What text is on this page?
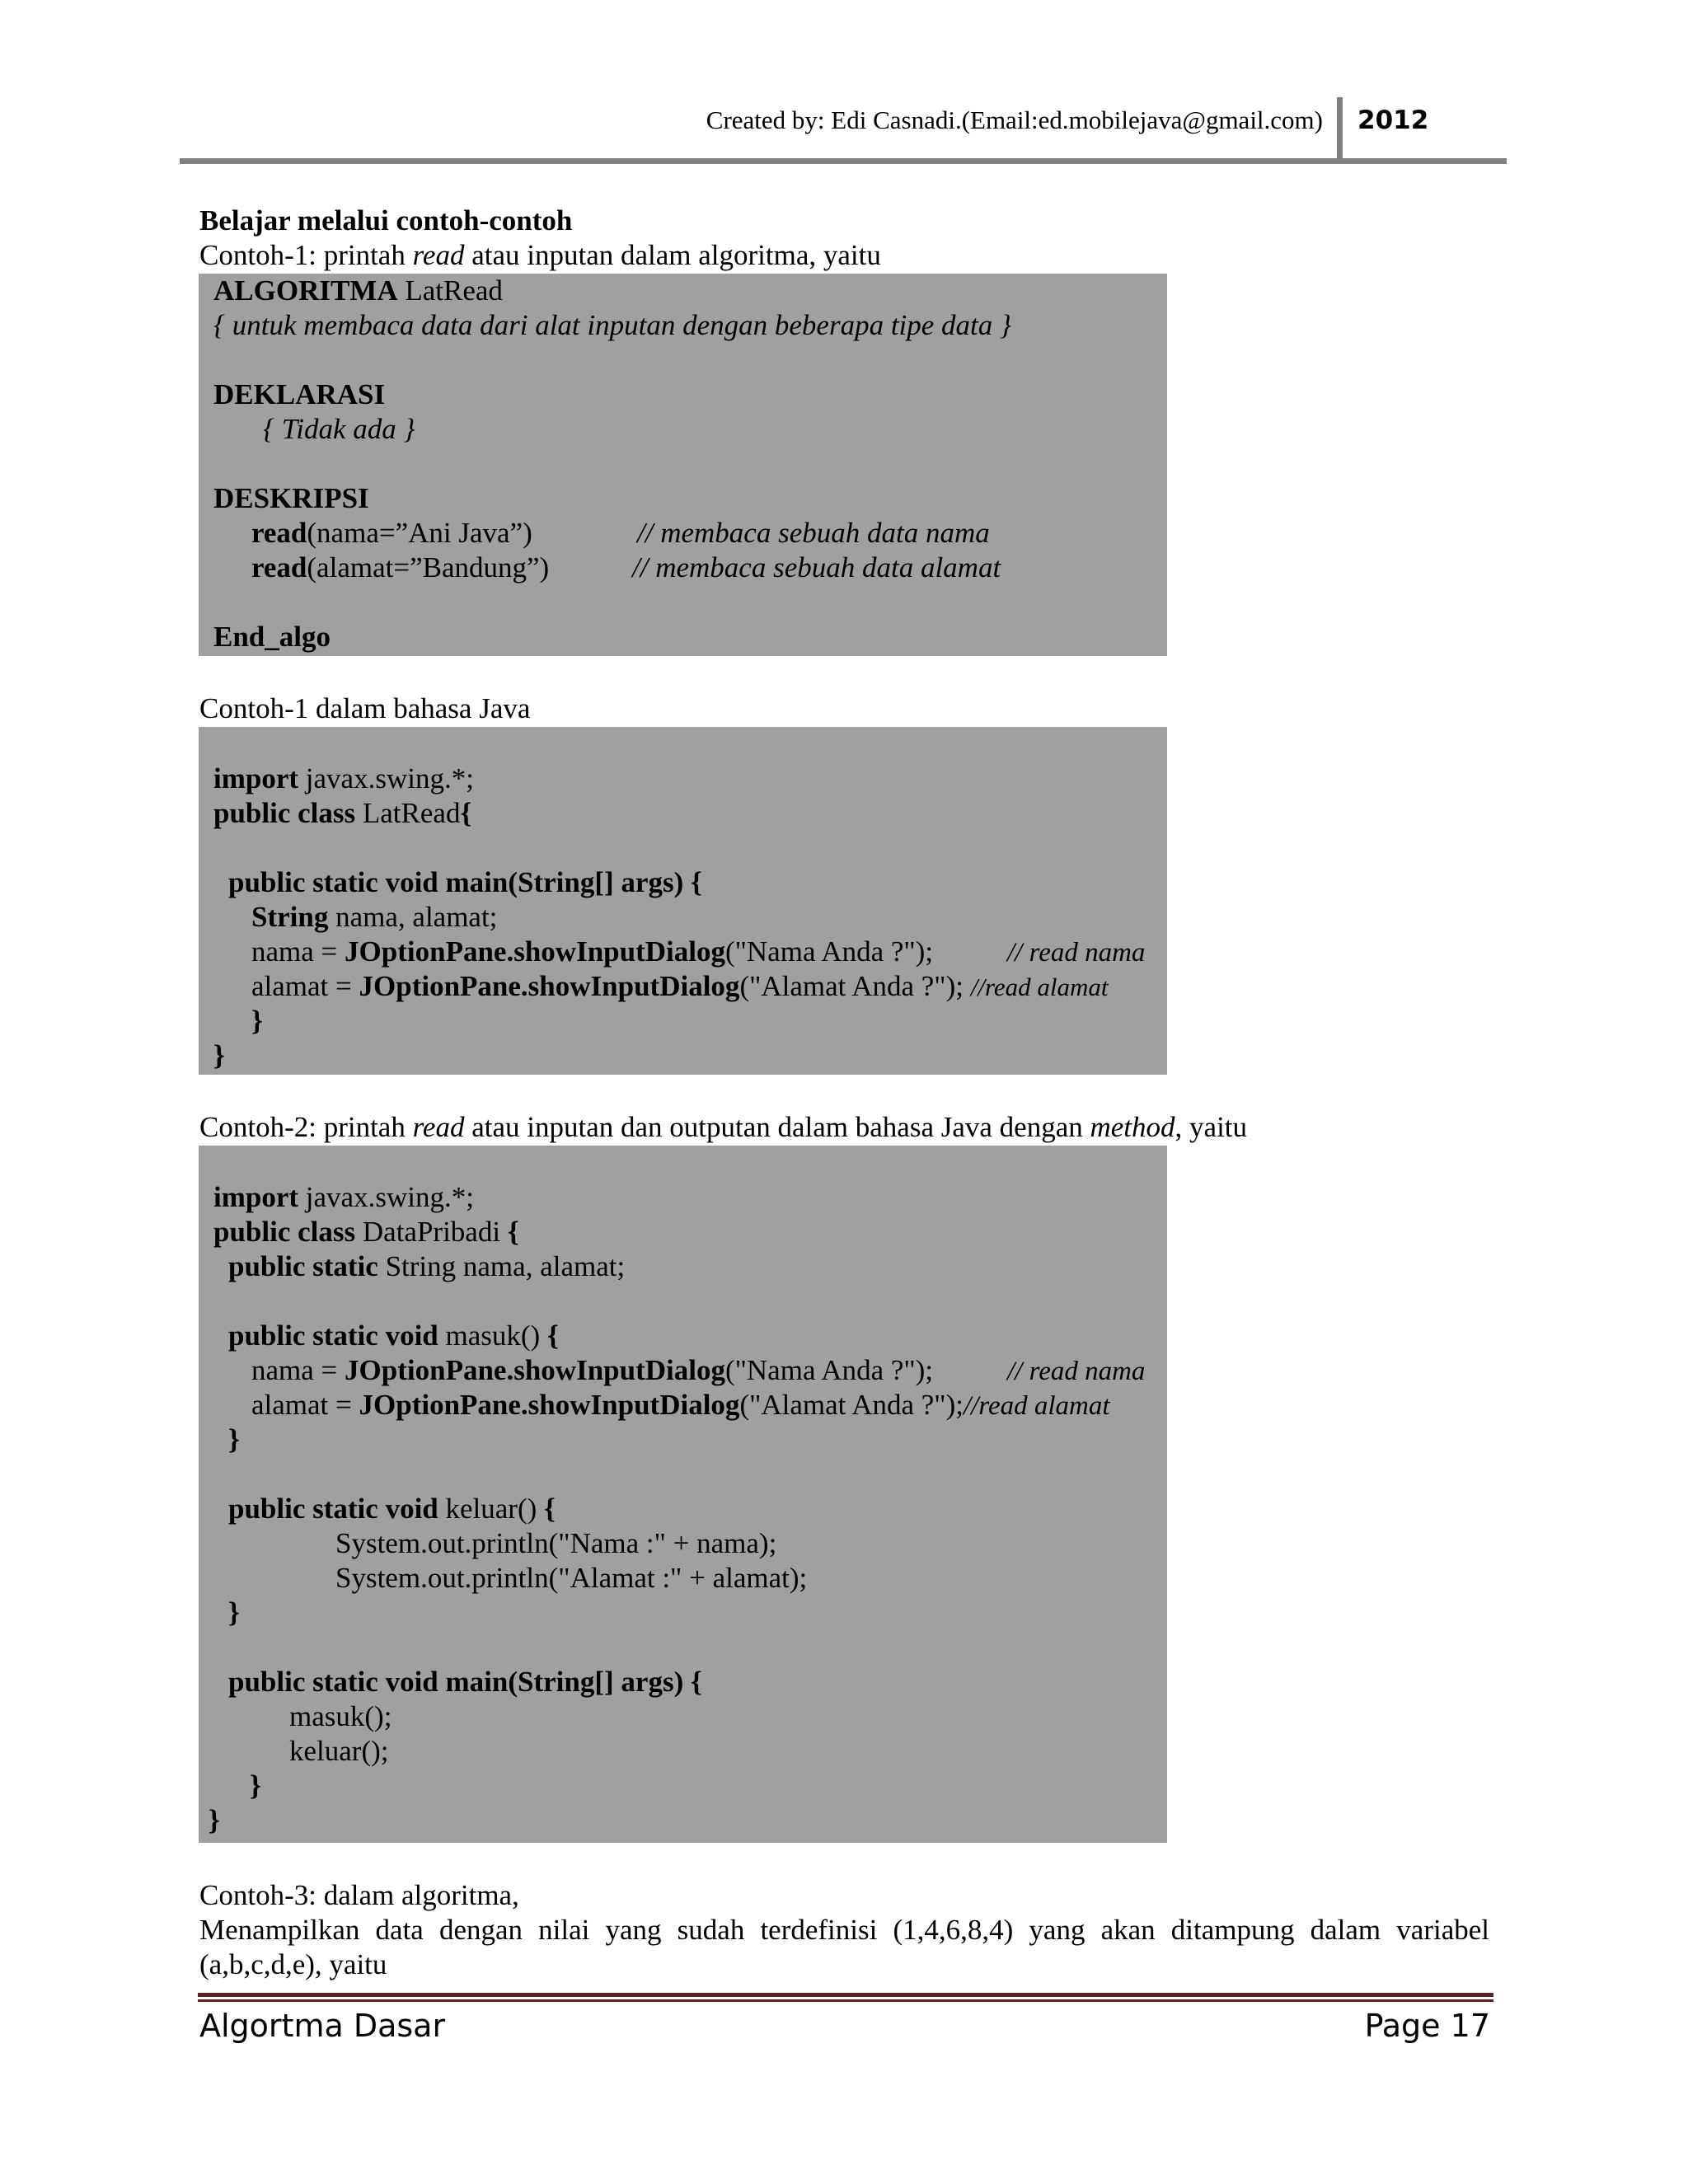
Created by: Edi Casnadi.(Email:ed.mobilejava@gmail.com) 2012
Belajar melalui contoh-contoh
Contoh-1: printah read atau inputan dalam algoritma, yaitu
ALGORITMA LatRead
{ untuk membaca data dari alat inputan dengan beberapa tipe data }
DEKLARASI
{ Tidak ada }
DESKRIPSI
read(nama=”Ani Java”)	// membaca sebuah data nama
read(alamat=”Bandung”)	// membaca sebuah data alamat
End_algo
Contoh-1 dalam bahasa Java
import javax.swing.*;
public class LatRead{
public static void main(String[] args) {
String nama, alamat;
nama = JOptionPane.showInputDialog("Nama Anda ?");	// read nama
alamat = JOptionPane.showInputDialog("Alamat Anda ?"); //read alamat
}
}
Contoh-2: printah read atau inputan dan outputan dalam bahasa Java dengan method, yaitu
import javax.swing.*;
public class DataPribadi {
public static String nama, alamat;
public static void masuk() {
nama = JOptionPane.showInputDialog("Nama Anda ?");	// read nama
alamat = JOptionPane.showInputDialog("Alamat Anda ?");//read alamat
}
public static void keluar() {
System.out.println("Nama :" + nama);
System.out.println("Alamat :" + alamat);
}
public static void main(String[] args) {
masuk();
keluar();
}
}
Contoh-3: dalam algoritma,
Menampilkan data dengan nilai yang sudah terdefinisi (1,4,6,8,4) yang akan ditampung dalam variabel (a,b,c,d,e), yaitu
Algortma Dasar	Page 17
